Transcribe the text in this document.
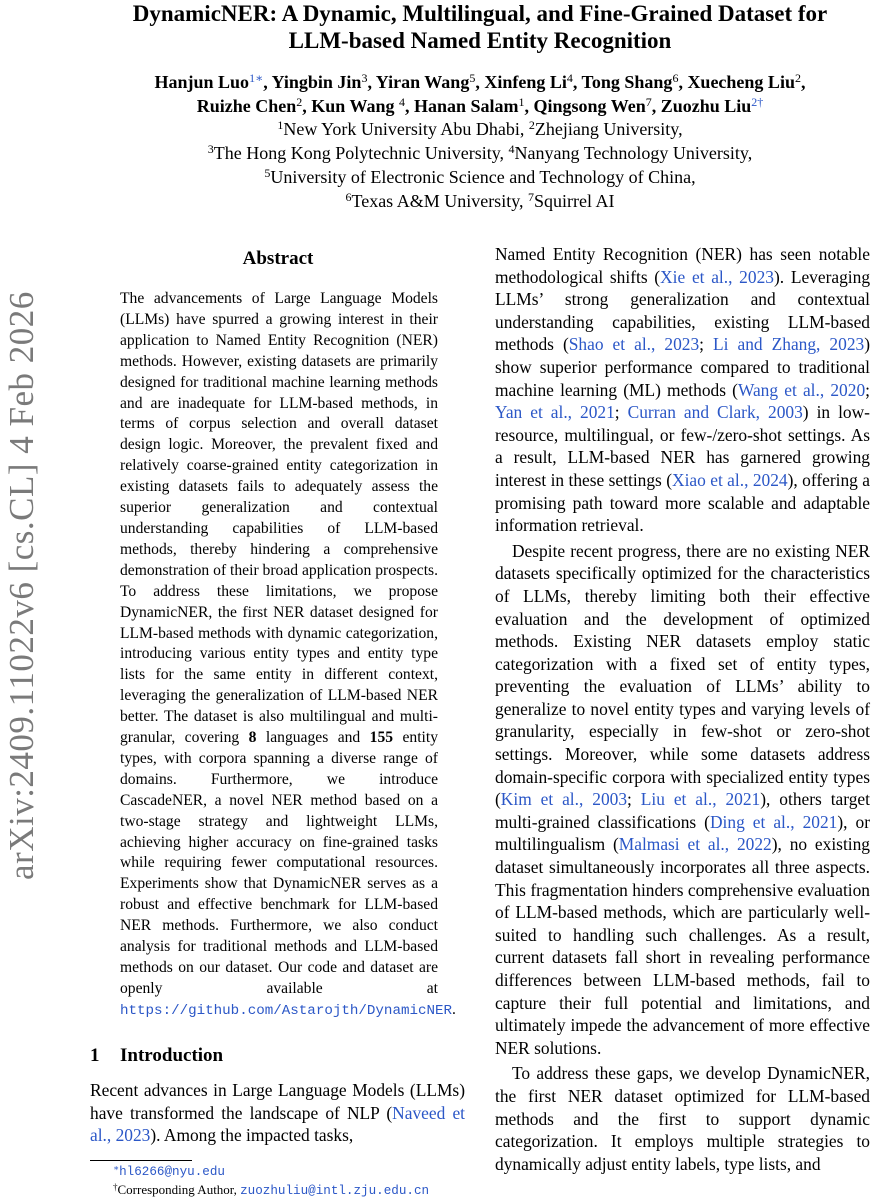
arXiv:2409.11022v6 [cs.CL] 4 Feb 2026
DynamicNER: A Dynamic, Multilingual, and Fine-Grained Dataset for
LLM-based Named Entity Recognition
Hanjun Luo$^{1∗}$, Yingbin Jin$^3$, Yiran Wang$^5$, Xinfeng Li$^4$, Tong Shang$^6$, Xuecheng Liu$^2$,
Ruizhe Chen$^2$, Kun Wang $^4$, Hanan Salam$^1$, Qingsong Wen$^7$, Zuozhu Liu$^{2\dagger}$
$^1$New York University Abu Dhabi, $^2$Zhejiang University,
$^3$The Hong Kong Polytechnic University, $^4$Nanyang Technology University,
$^5$University of Electronic Science and Technology of China,
$^6$Texas A&M University, $^7$Squirrel AI
Abstract
The advancements of Large Language Models (LLMs) have spurred a growing interest in their application to Named Entity Recognition (NER) methods. However, existing datasets are primarily designed for traditional machine learning methods and are inadequate for LLM-based methods, in terms of corpus selection and overall dataset design logic. Moreover, the prevalent fixed and relatively coarse-grained entity categorization in existing datasets fails to adequately assess the superior generalization and contextual understanding capabilities of LLM-based methods, thereby hindering a comprehensive demonstration of their broad application prospects. To address these limitations, we propose DynamicNER, the first NER dataset designed for LLM-based methods with dynamic categorization, introducing various entity types and entity type lists for the same entity in different context, leveraging the generalization of LLM-based NER better. The dataset is also multilingual and multi-granular, covering 8 languages and 155 entity types, with corpora spanning a diverse range of domains. Furthermore, we introduce CascadeNER, a novel NER method based on a two-stage strategy and lightweight LLMs, achieving higher accuracy on fine-grained tasks while requiring fewer computational resources. Experiments show that DynamicNER serves as a robust and effective benchmark for LLM-based NER methods. Furthermore, we also conduct analysis for traditional methods and LLM-based methods on our dataset. Our code and dataset are openly available at https://github.com/Astarojth/DynamicNER.
1 Introduction
Recent advances in Large Language Models (LLMs) have transformed the landscape of NLP (Naveed et al., 2023). Among the impacted tasks,
∗hl6266@nyu.edu
†Corresponding Author, zuozhuliu@intl.zju.edu.cn

Named Entity Recognition (NER) has seen notable methodological shifts (Xie et al., 2023). Leveraging LLMs’ strong generalization and contextual understanding capabilities, existing LLM-based methods (Shao et al., 2023; Li and Zhang, 2023) show superior performance compared to traditional machine learning (ML) methods (Wang et al., 2020; Yan et al., 2021; Curran and Clark, 2003) in low-resource, multilingual, or few-/zero-shot settings. As a result, LLM-based NER has garnered growing interest in these settings (Xiao et al., 2024), offering a promising path toward more scalable and adaptable information retrieval.

Despite recent progress, there are no existing NER datasets specifically optimized for the characteristics of LLMs, thereby limiting both their effective evaluation and the development of optimized methods. Existing NER datasets employ static categorization with a fixed set of entity types, preventing the evaluation of LLMs’ ability to generalize to novel entity types and varying levels of granularity, especially in few-shot or zero-shot settings. Moreover, while some datasets address domain-specific corpora with specialized entity types (Kim et al., 2003; Liu et al., 2021), others target multi-grained classifications (Ding et al., 2021), or multilingualism (Malmasi et al., 2022), no existing dataset simultaneously incorporates all three aspects. This fragmentation hinders comprehensive evaluation of LLM-based methods, which are particularly well-suited to handling such challenges. As a result, current datasets fall short in revealing performance differences between LLM-based methods, fail to capture their full potential and limitations, and ultimately impede the advancement of more effective NER solutions.

To address these gaps, we develop DynamicNER, the first NER dataset optimized for LLM-based methods and the first to support dynamic categorization. It employs multiple strategies to dynamically adjust entity labels, type lists, and
